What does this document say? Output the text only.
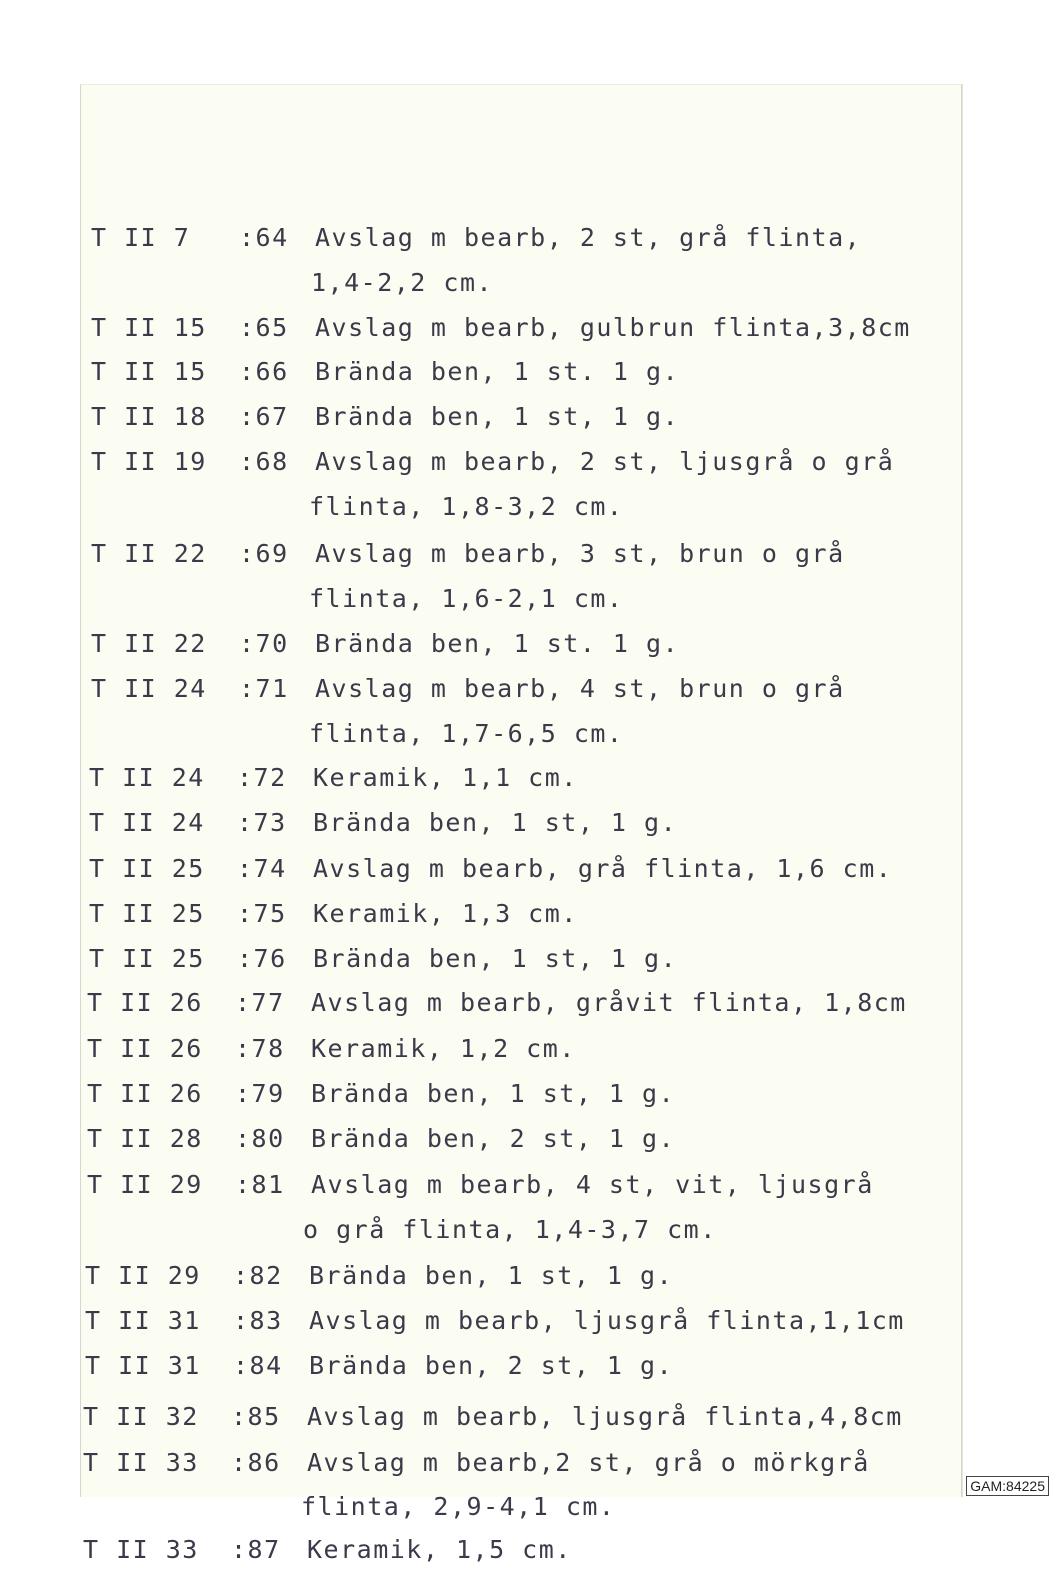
T II 7 :64 Avslag m bearb, 2 st, grå flinta,
1,4-2,2 cm.
T II 15 :65 Avslag m bearb, gulbrun flinta,3,8cm
T II 15 :66 Brända ben, 1 st. 1 g.
T II 18 :67 Brända ben, 1 st, 1 g.
T II 19 :68 Avslag m bearb, 2 st, ljusgrå o grå
flinta, 1,8-3,2 cm.
T II 22 :69 Avslag m bearb, 3 st, brun o grå
flinta, 1,6-2,1 cm.
T II 22 :70 Brända ben, 1 st. 1 g.
T II 24 :71 Avslag m bearb, 4 st, brun o grå
flinta, 1,7-6,5 cm.
T II 24 :72 Keramik, 1,1 cm.
T II 24 :73 Brända ben, 1 st, 1 g.
T II 25 :74 Avslag m bearb, grå flinta, 1,6 cm.
T II 25 :75 Keramik, 1,3 cm.
T II 25 :76 Brända ben, 1 st, 1 g.
T II 26 :77 Avslag m bearb, gråvit flinta, 1,8cm
T II 26 :78 Keramik, 1,2 cm.
T II 26 :79 Brända ben, 1 st, 1 g.
T II 28 :80 Brända ben, 2 st, 1 g.
T II 29 :81 Avslag m bearb, 4 st, vit, ljusgrå
o grå flinta, 1,4-3,7 cm.
T II 29 :82 Brända ben, 1 st, 1 g.
T II 31 :83 Avslag m bearb, ljusgrå flinta,1,1cm
T II 31 :84 Brända ben, 2 st, 1 g.
T II 32 :85 Avslag m bearb, ljusgrå flinta,4,8cm
T II 33 :86 Avslag m bearb,2 st, grå o mörkgrå
flinta, 2,9-4,1 cm.
T II 33 :87 Keramik, 1,5 cm.
GAM:84225
